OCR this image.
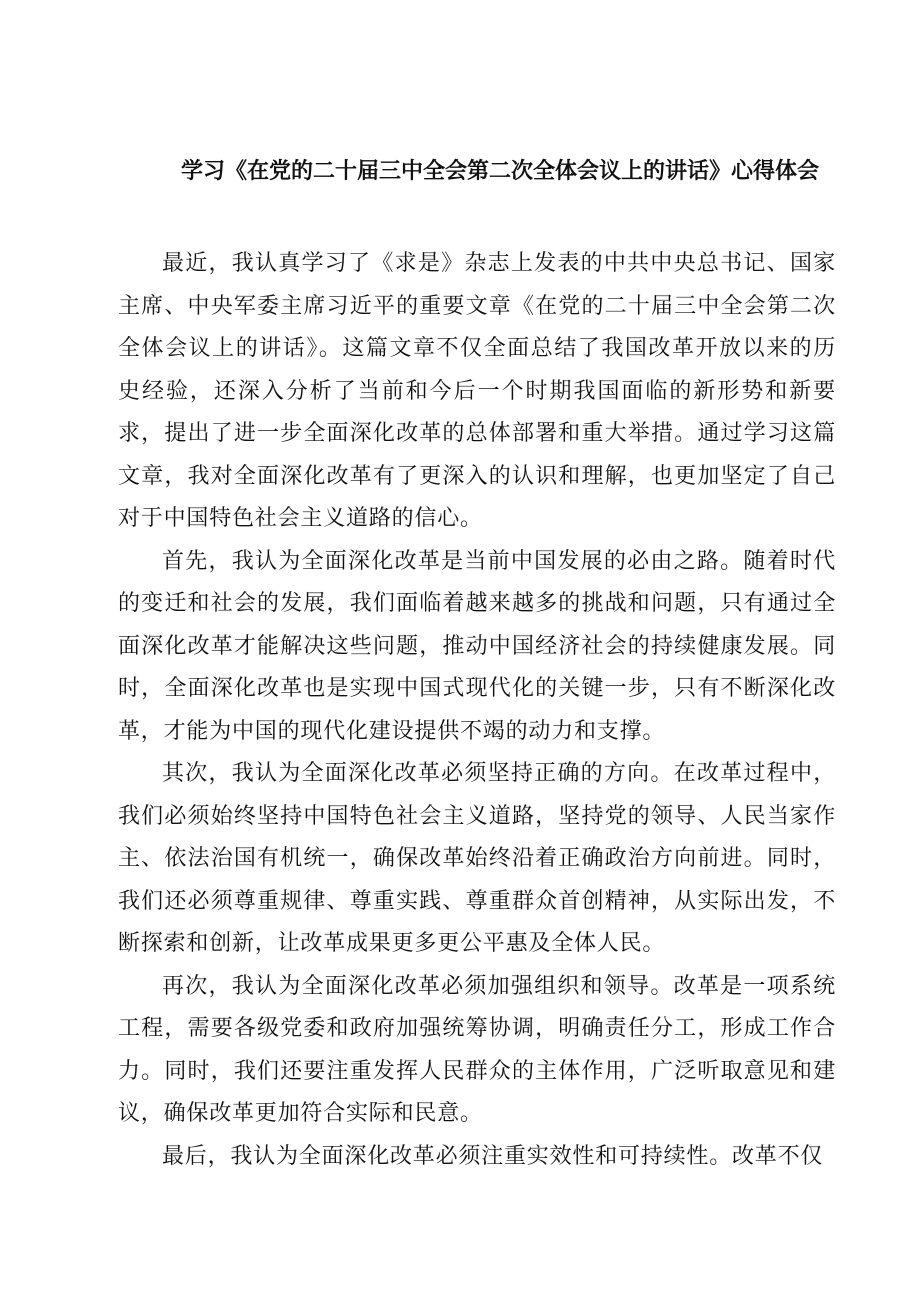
学习《在党的二十届三中全会第二次全体会议上的讲话》心得体会

最近，我认真学习了《求是》杂志上发表的中共中央总书记、国家主席、中央军委主席习近平的重要文章《在党的二十届三中全会第二次全体会议上的讲话》。这篇文章不仅全面总结了我国改革开放以来的历史经验，还深入分析了当前和今后一个时期我国面临的新形势和新要求，提出了进一步全面深化改革的总体部署和重大举措。通过学习这篇文章，我对全面深化改革有了更深入的认识和理解，也更加坚定了自己对于中国特色社会主义道路的信心。

首先，我认为全面深化改革是当前中国发展的必由之路。随着时代的变迁和社会的发展，我们面临着越来越多的挑战和问题，只有通过全面深化改革才能解决这些问题，推动中国经济社会的持续健康发展。同时，全面深化改革也是实现中国式现代化的关键一步，只有不断深化改革，才能为中国的现代化建设提供不竭的动力和支撑。

其次，我认为全面深化改革必须坚持正确的方向。在改革过程中，我们必须始终坚持中国特色社会主义道路，坚持党的领导、人民当家作主、依法治国有机统一，确保改革始终沿着正确政治方向前进。同时，我们还必须尊重规律、尊重实践、尊重群众首创精神，从实际出发，不断探索和创新，让改革成果更多更公平惠及全体人民。

再次，我认为全面深化改革必须加强组织和领导。改革是一项系统工程，需要各级党委和政府加强统筹协调，明确责任分工，形成工作合力。同时，我们还要注重发挥人民群众的主体作用，广泛听取意见和建议，确保改革更加符合实际和民意。

最后，我认为全面深化改革必须注重实效性和可持续性。改革不仅
